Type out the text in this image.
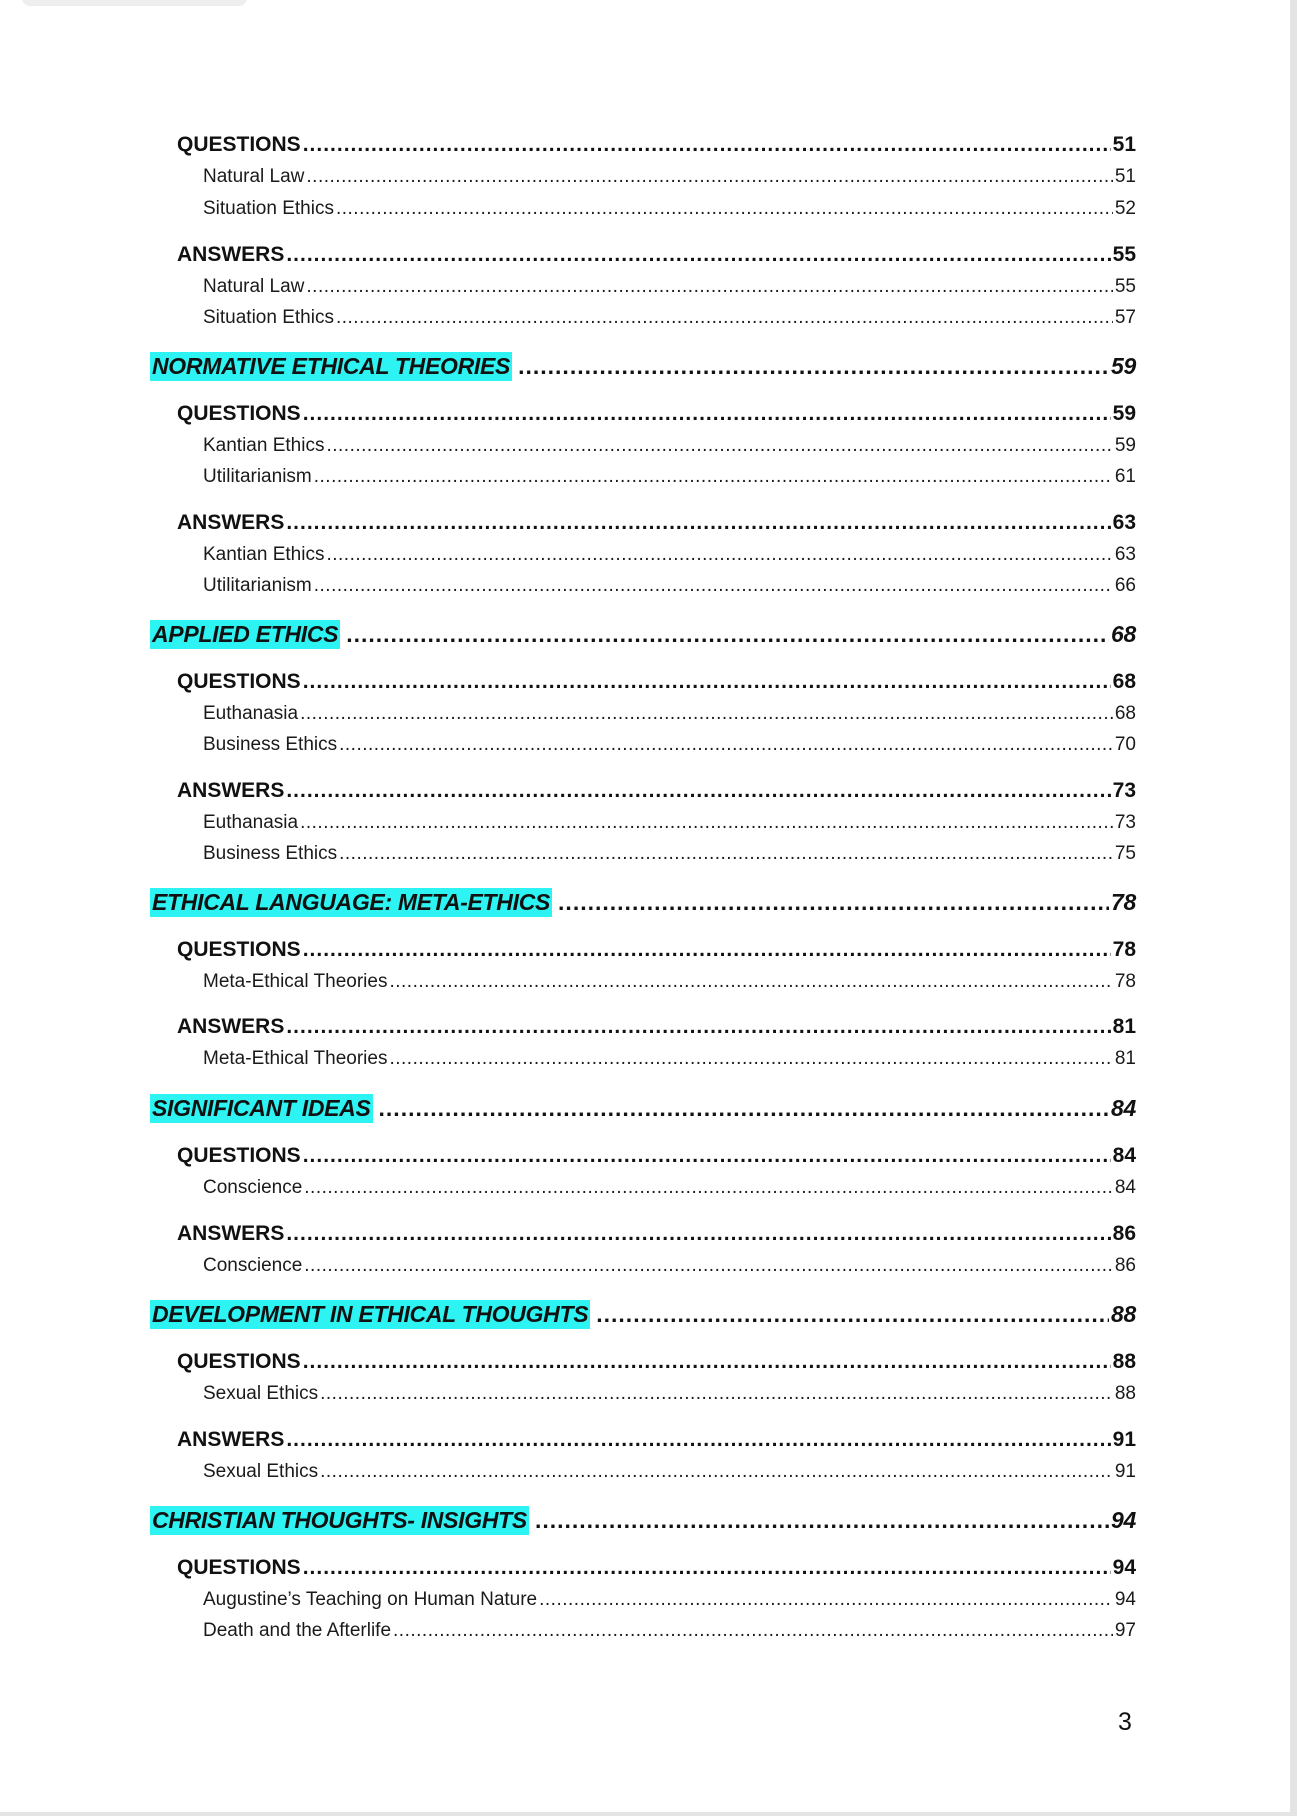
QUESTIONS .....	51
Natural Law .....	51
Situation Ethics .....	52
ANSWERS .....	55
Natural Law .....	55
Situation Ethics .....	57
NORMATIVE ETHICAL THEORIES .....	59
QUESTIONS .....	59
Kantian Ethics .....	59
Utilitarianism .....	61
ANSWERS .....	63
Kantian Ethics .....	63
Utilitarianism .....	66
APPLIED ETHICS .....	68
QUESTIONS .....	68
Euthanasia .....	68
Business Ethics .....	70
ANSWERS .....	73
Euthanasia .....	73
Business Ethics .....	75
ETHICAL LANGUAGE: META-ETHICS .....	78
QUESTIONS .....	78
Meta-Ethical Theories .....	78
ANSWERS .....	81
Meta-Ethical Theories .....	81
SIGNIFICANT IDEAS .....	84
QUESTIONS .....	84
Conscience .....	84
ANSWERS .....	86
Conscience .....	86
DEVELOPMENT IN ETHICAL THOUGHTS .....	88
QUESTIONS .....	88
Sexual Ethics .....	88
ANSWERS .....	91
Sexual Ethics .....	91
CHRISTIAN THOUGHTS- INSIGHTS .....	94
QUESTIONS .....	94
Augustine’s Teaching on Human Nature .....	94
Death and the Afterlife .....	97
3
